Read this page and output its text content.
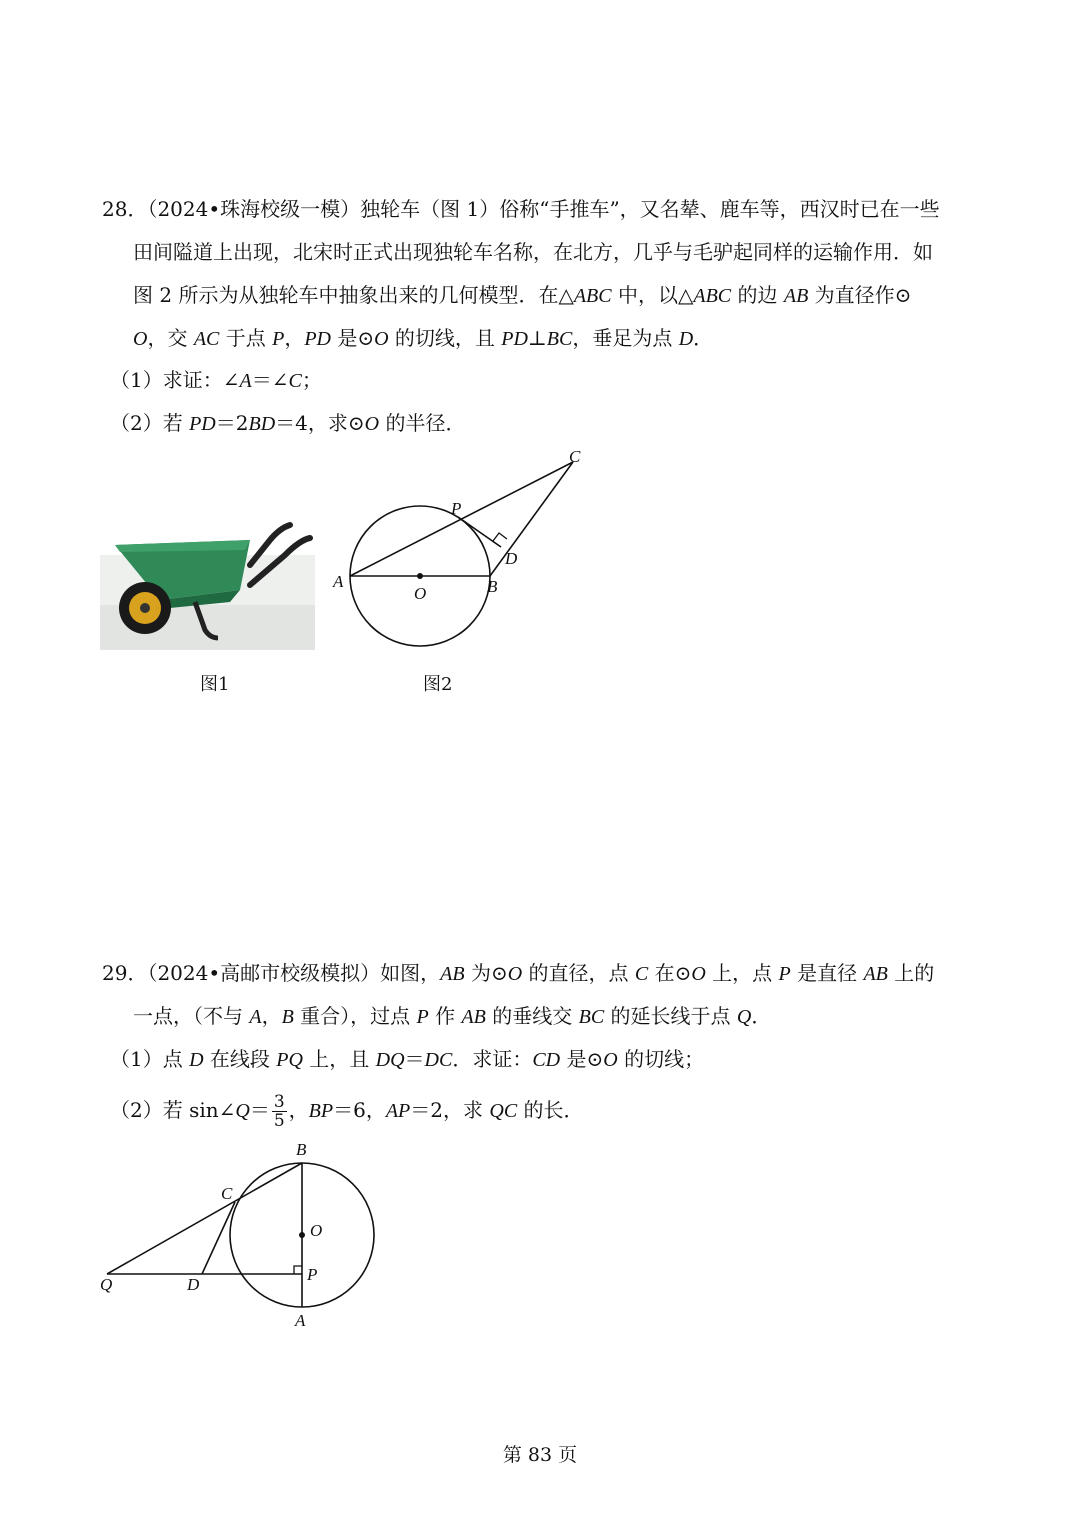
28．（2024•珠海校级一模）独轮车（图 1）俗称“手推车”，又名辇、鹿车等，西汉时已在一些
田间隘道上出现，北宋时正式出现独轮车名称，在北方，几乎与毛驴起同样的运输作用．如
图 2 所示为从独轮车中抽象出来的几何模型．在△ABC 中，以△ABC 的边 AB 为直径作⊙
O，交 AC 于点 P，PD 是⊙O 的切线，且 PD⊥BC，垂足为点 D．
（1）求证：∠A＝∠C；
（2）若 PD＝2BD＝4，求⊙O 的半径．
图1
A	B
C
D
O
P
图2
29．（2024•高邮市校级模拟）如图，AB 为⊙O 的直径，点 C 在⊙O 上，点 P 是直径 AB 上的
一点，（不与 A，B 重合），过点 P 作 AB 的垂线交 BC 的延长线于点 Q．
（1）点 D 在线段 PQ 上，且 DQ＝DC．求证：CD 是⊙O 的切线；
（2）若 sin∠Q＝ $\frac{3}{5}$ ，BP＝6，AP＝2，求 QC 的长．
B
C
O
P
Q	D
A
第 83 页
